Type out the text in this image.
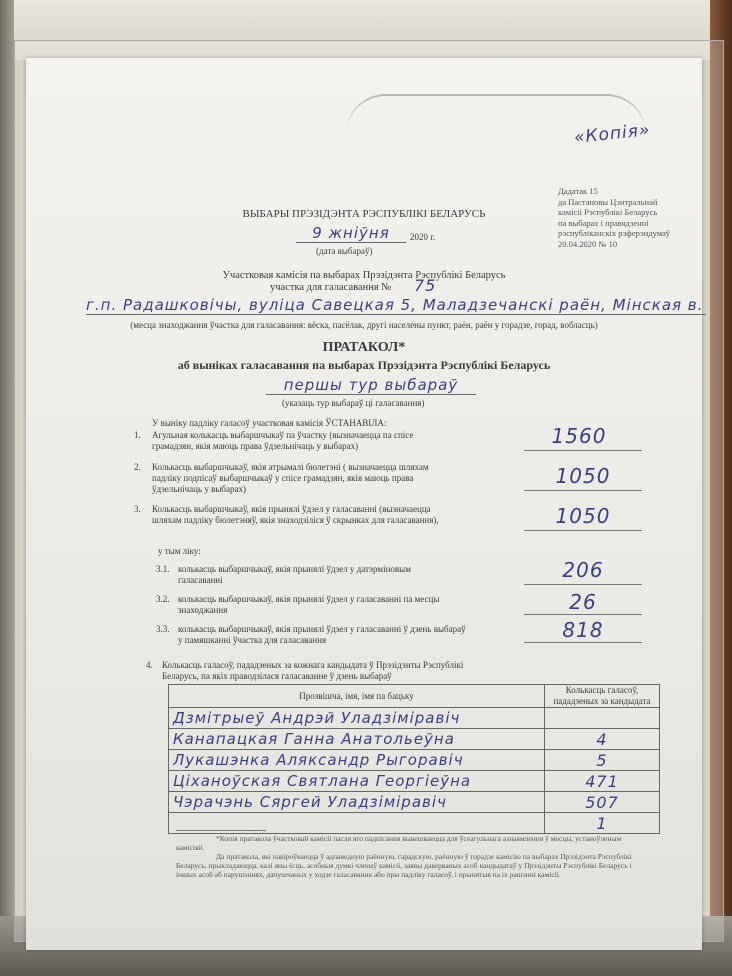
«Копія»
Дадатак 15
да Пастановы Цэнтральнай
камісіі Рэспублікі Беларусь
па выбарах і правядзенні
рэспубліканскіх рэферэндумаў
20.04.2020 № 10
ВЫБАРЫ ПРЭЗІДЭНТА РЭСПУБЛІКІ БЕЛАРУСЬ
9 жніўня	2020 г.
(дата выбараў)
Участковая камісія па выбарах Прэзідэнта Рэспублікі Беларусь
участка для галасавання № 75
г.п. Радашковічы, вуліца Савецкая 5, Маладзечанскі раён, Мінская в.
(месца знаходжання ўчастка для галасавання: вёска, пасёлак, другі населены пункт, раён, раён у горадзе, горад, вобласць)
ПРАТАКОЛ*
аб выніках галасавання па выбарах Прэзідэнта Рэспублікі Беларусь
першы тур выбараў
(указаць тур выбараў ці галасавання)
У выніку падліку галасоў участковая камісія ЎСТАНАВІЛА:
1. Агульная колькасць выбаршчыкаў па ўчастку (вызначаецца па спісе грамадзян, якія маюць права ўдзельнічаць у выбарах)	1560
2. Колькасць выбаршчыкаў, якія атрымалі бюлетэні ( вызначаецца шляхам падліку подпісаў выбаршчыкаў у спісе грамадзян, якія маюць права ўдзельнічаць у выбарах)
1050
3. Колькасць выбаршчыкаў, якія прынялі ўдзел у галасаванні (вызначаецца шляхам падліку бюлетэняў, якія знаходзіліся ў скрынках для галасавання),	1050
у тым ліку:
3.1. колькасць выбаршчыкаў, якія прынялі ўдзел у датэрміновым галасаванні	206
3.2. колькасць выбаршчыкаў, якія прынялі ўдзел у галасаванні па месцы знаходжання	26
3.3. колькасць выбаршчыкаў, якія прынялі ўдзел у галасаванні ў дзень выбараў у памяшканні ўчастка для галасавання	818
4. Колькасць галасоў, пададзеных за кожнага кандыдата ў Прэзідэнты Рэспублікі Беларусь, па якіх праводзілася галасаванне ў дзень выбараў
Прозвішча, імя, імя па бацьку	Колькасць галасоў, пададзеных за кандыдата
Дзмітрыеў Андрэй Уладзіміравіч	
Канапацкая Ганна Анатольеўна	4
Лукашэнка Аляксандр Рыгоравіч	5
Ціханоўская Святлана Георгіеўна	471
Чэрачэнь Сяргей Уладзіміравіч	507
	1
*Копія пратакола ўчастковай камісіі пасля яго падпісання вывешваецца для ўсеагульнага азнаямлення ў месцы, устаноўленым камісіяй.
Да пратакола, які накіроўваецца ў адпаведную раённую, гарадскую, раённую ў горадзе камісію па выбарах Прэзідэнта Рэспублікі Беларусь, прыкладаюцца, калі яны ёсць, асобныя думкі членаў камісіі, заявы даверваных асоб кандыдатаў у Прэзідэнты Рэспублікі Беларусь і іншых асоб аб парушэннях, дапушчаных у ходзе галасавання або пры падліку галасоў, і прынятыя па іх рашэнні камісіі.
